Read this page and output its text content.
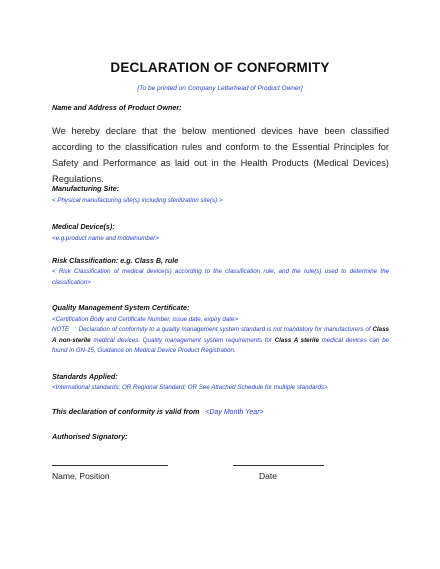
DECLARATION OF CONFORMITY
[To be printed on Company Letterhead of Product Owner]
Name and Address of Product Owner:
We hereby declare that the below mentioned devices have been classified according to the classification rules and conform to the Essential Principles for Safety and Performance as laid out in the Health Products (Medical Devices) Regulations.
Manufacturing Site:
< Physical manufacturing site(s) including sterilization site(s) >
Medical Device(s):
<e.g.product name and modelnumber>
Risk Classification: e.g. Class B, rule
< Risk Classification of medical device(s) according to the classification rule, and the rule(s) used to determine the classification>
Quality Management System Certificate:
<Certification Body and Certificate Number, issue date, expiry date>
NOTE Declaration of conformity to a quality management system standard is not mandatory for manufacturers of Class A non-sterile medical devices. Quality management system requirements for Class A sterile medical devices can be found in GN-15, Guidance on Medical Device Product Registration.
Standards Applied:
<International standards; OR Regional Standard; OR See Attached Schedule for multiple standards>
This declaration of conformity is valid from <Day Month Year>
Authorised Signatory:
Name, Position	Date
